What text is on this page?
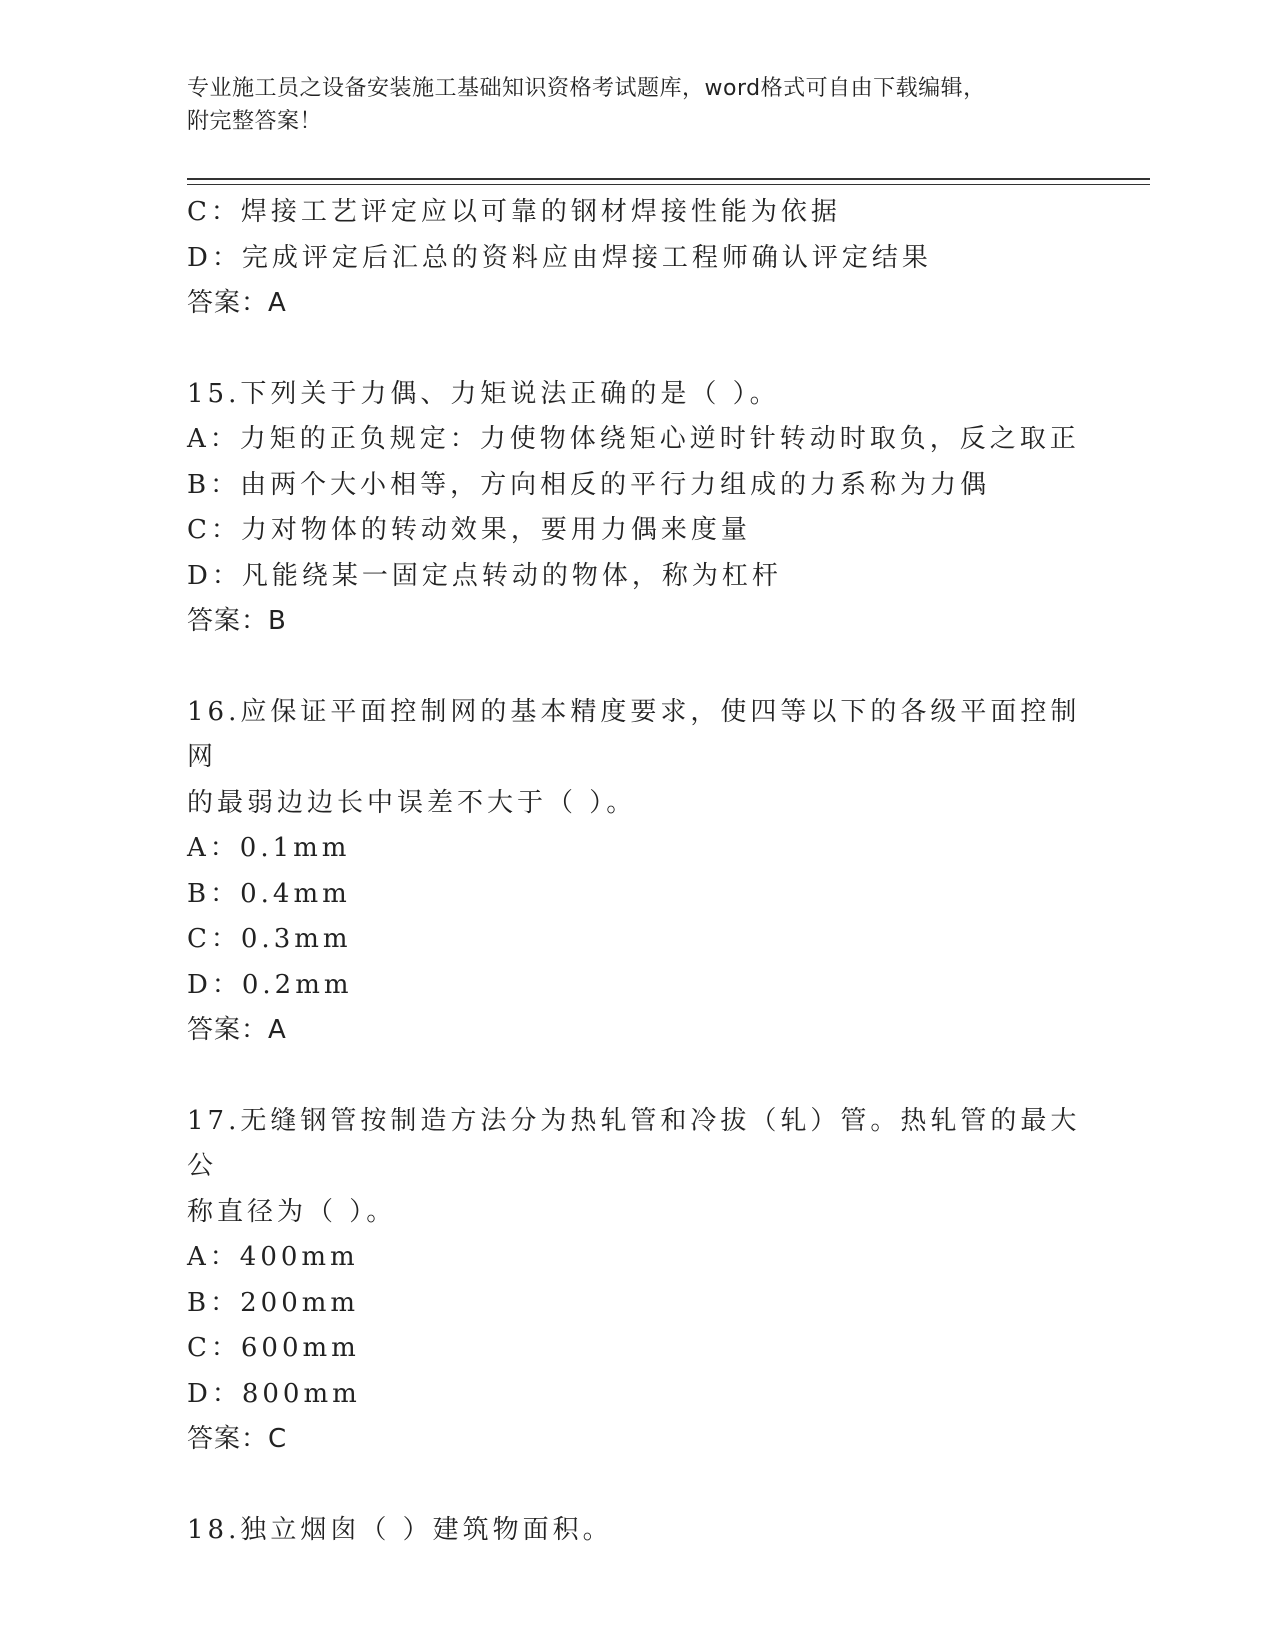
专业施工员之设备安装施工基础知识资格考试题库，word格式可自由下载编辑，
附完整答案！
C：焊接工艺评定应以可靠的钢材焊接性能为依据
D：完成评定后汇总的资料应由焊接工程师确认评定结果
答案：A
15.下列关于力偶、力矩说法正确的是（ ）。
A：力矩的正负规定：力使物体绕矩心逆时针转动时取负，反之取正
B：由两个大小相等，方向相反的平行力组成的力系称为力偶
C：力对物体的转动效果，要用力偶来度量
D：凡能绕某一固定点转动的物体，称为杠杆
答案：B
16.应保证平面控制网的基本精度要求，使四等以下的各级平面控制网
的最弱边边长中误差不大于（ ）。
A：0.1mm
B：0.4mm
C：0.3mm
D：0.2mm
答案：A
17.无缝钢管按制造方法分为热轧管和冷拔（轧）管。热轧管的最大公
称直径为（ ）。
A：400mm
B：200mm
C：600mm
D：800mm
答案：C
18.独立烟囱（ ）建筑物面积。
